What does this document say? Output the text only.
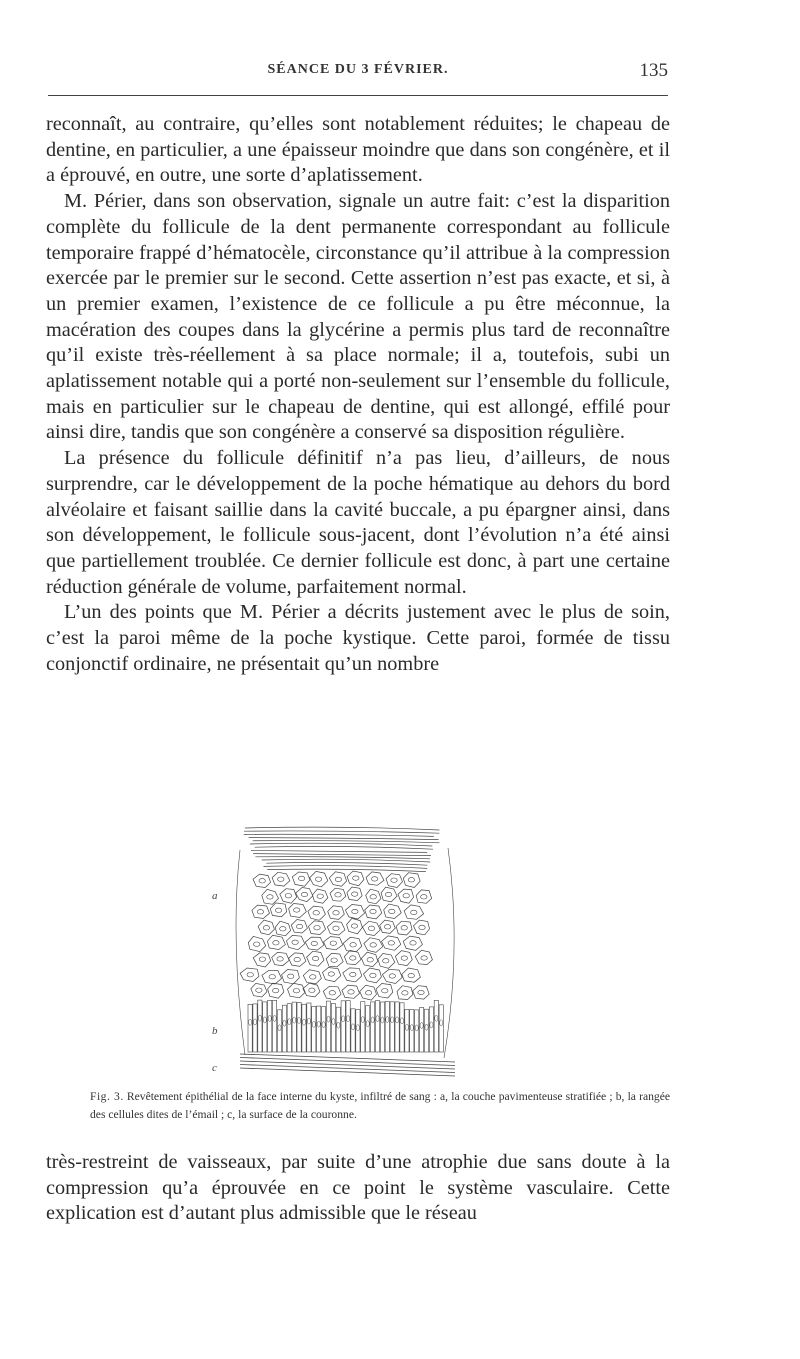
SÉANCE DU 3 FÉVRIER.	135

reconnaît, au contraire, qu’elles sont notablement réduites; le chapeau de dentine, en particulier, a une épaisseur moindre que dans son congénère, et il a éprouvé, en outre, une sorte d’aplatissement.

M. Périer, dans son observation, signale un autre fait: c’est la disparition complète du follicule de la dent permanente correspondant au follicule temporaire frappé d’hématocèle, circonstance qu’il attribue à la compression exercée par le premier sur le second. Cette assertion n’est pas exacte, et si, à un premier examen, l’existence de ce follicule a pu être méconnue, la macération des coupes dans la glycérine a permis plus tard de reconnaître qu’il existe très-réellement à sa place normale; il a, toutefois, subi un aplatissement notable qui a porté non-seulement sur l’ensemble du follicule, mais en particulier sur le chapeau de dentine, qui est allongé, effilé pour ainsi dire, tandis que son congénère a conservé sa disposition régulière.

La présence du follicule définitif n’a pas lieu, d’ailleurs, de nous surprendre, car le développement de la poche hématique au dehors du bord alvéolaire et faisant saillie dans la cavité buccale, a pu épargner ainsi, dans son développement, le follicule sous-jacent, dont l’évolution n’a été ainsi que partiellement troublée. Ce dernier follicule est donc, à part une certaine réduction générale de volume, parfaitement normal.

L’un des points que M. Périer a décrits justement avec le plus de soin, c’est la paroi même de la poche kystique. Cette paroi, formée de tissu conjonctif ordinaire, ne présentait qu’un nombre

a
b
c
Fig. 3. Revêtement épithélial de la face interne du kyste, infiltré de sang : a, la couche pavimenteuse stratifiée ; b, la rangée des cellules dites de l’émail ; c, la surface de la couronne.

très-restreint de vaisseaux, par suite d’une atrophie due sans doute à la compression qu’a éprouvée en ce point le système vasculaire. Cette explication est d’autant plus admissible que le réseau
